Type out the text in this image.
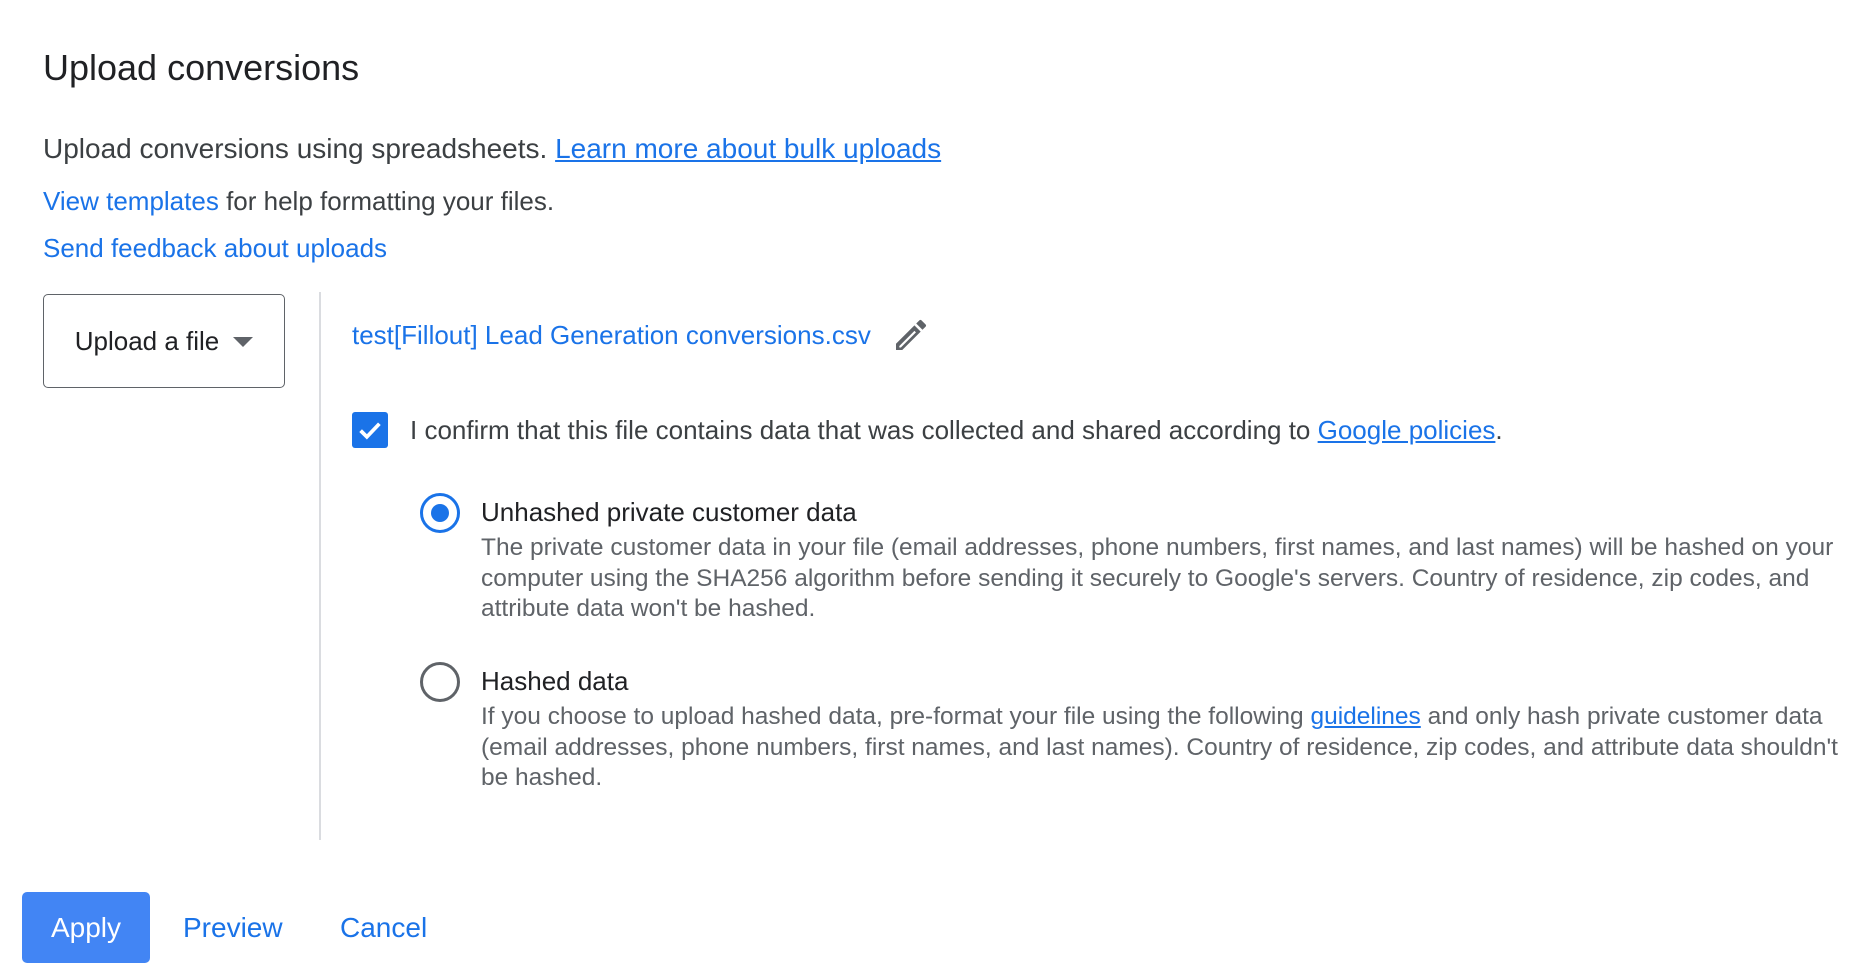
Upload conversions
Upload conversions using spreadsheets. Learn more about bulk uploads
View templates for help formatting your files.
Send feedback about uploads
Upload a file	test[Fillout] Lead Generation conversions.csv
I confirm that this file contains data that was collected and shared according to Google policies.
Unhashed private customer data
The private customer data in your file (email addresses, phone numbers, first names, and last names) will be hashed on your computer using the SHA256 algorithm before sending it securely to Google's servers. Country of residence, zip codes, and attribute data won't be hashed.
Hashed data
If you choose to upload hashed data, pre-format your file using the following guidelines and only hash private customer data (email addresses, phone numbers, first names, and last names). Country of residence, zip codes, and attribute data shouldn't be hashed.
Apply	Preview Cancel
